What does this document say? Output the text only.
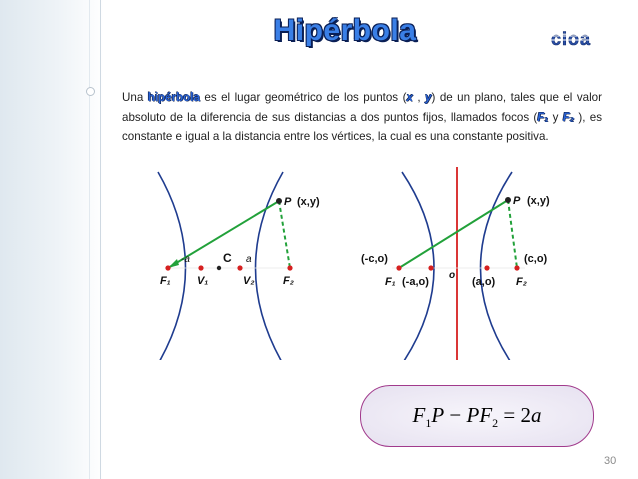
Hipérbola	cioa
Una hipérbola es el lugar geométrico de los puntos (x , y) de un plano, tales que el valor absoluto de la diferencia de sus distancias a dos puntos fijos, llamados focos (F₁ y F₂ ), es constante e igual a la distancia entre los vértices, la cual es una constante positiva.
P (x,y)
C
-a	a
F₁ V₁	V₂	F₂
P (x,y)
(-c,o)
o
(c,o)
F₁ (-a,o)	(a,o) F₂
$F_1P - PF_2 = 2a$
30
